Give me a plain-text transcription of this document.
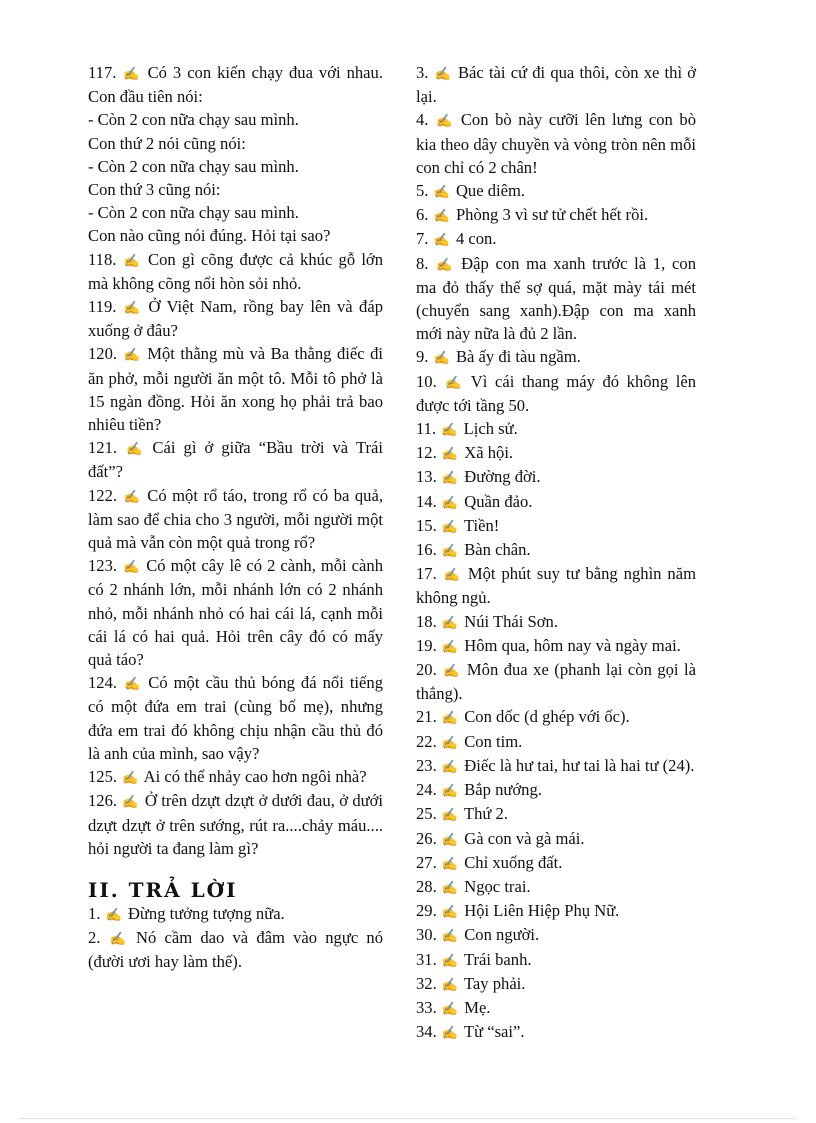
117. ✍ Có 3 con kiến chạy đua với nhau. Con đầu tiên nói:

- Còn 2 con nữa chạy sau mình.

Con thứ 2 nói cũng nói:

- Còn 2 con nữa chạy sau mình.

Con thứ 3 cũng nói:

- Còn 2 con nữa chạy sau mình.

Con nào cũng nói đúng. Hỏi tại sao?

118. ✍ Con gì cõng được cả khúc gỗ lớn mà không cõng nổi hòn sỏi nhỏ.

119. ✍ Ở Việt Nam, rồng bay lên và đáp xuống ở đâu?

120. ✍ Một thằng mù và Ba thằng điếc đi ăn phở, mỗi người ăn một tô. Mỗi tô phở là 15 ngàn đồng. Hỏi ăn xong họ phải trả bao nhiêu tiền?

121. ✍ Cái gì ở giữa “Bầu trời và Trái đất”?

122. ✍ Có một rổ táo, trong rổ có ba quả, làm sao để chia cho 3 người, mỗi người một quả mà vẫn còn một quả trong rổ?

123. ✍ Có một cây lê có 2 cành, mỗi cành có 2 nhánh lớn, mỗi nhánh lớn có 2 nhánh nhỏ, mỗi nhánh nhỏ có hai cái lá, cạnh mỗi cái lá có hai quả. Hỏi trên cây đó có mấy quả táo?

124. ✍ Có một cầu thủ bóng đá nổi tiếng có một đứa em trai (cùng bố mẹ), nhưng đứa em trai đó không chịu nhận cầu thủ đó là anh của mình, sao vậy?

125. ✍ Ai có thể nhảy cao hơn ngôi nhà?

126. ✍ Ở trên dzựt dzựt ở dưới đau, ở dưới dzựt dzựt ở trên sướng, rút ra....chảy máu.... hỏi người ta đang làm gì?

II. TRẢ LỜI

1. ✍ Đừng tưởng tượng nữa.

2. ✍ Nó cầm dao và đâm vào ngực nó (đười ươi hay làm thế).

3. ✍ Bác tài cứ đi qua thôi, còn xe thì ở lại.

4. ✍ Con bò này cưỡi lên lưng con bò kia theo dây chuyền và vòng tròn nên mỗi con chỉ có 2 chân!

5. ✍ Que diêm.

6. ✍ Phòng 3 vì sư tử chết hết rồi.

7. ✍ 4 con.

8. ✍ Đập con ma xanh trước là 1, con ma đỏ thấy thế sợ quá, mặt mày tái mét (chuyển sang xanh).Đập con ma xanh mới này nữa là đủ 2 lần.

9. ✍ Bà ấy đi tàu ngầm.

10. ✍ Vì cái thang máy đó không lên được tới tầng 50.

11. ✍ Lịch sử.

12. ✍ Xã hội.

13. ✍ Đường đời.

14. ✍ Quần đảo.

15. ✍ Tiền!

16. ✍ Bàn chân.

17. ✍ Một phút suy tư bằng nghìn năm không ngủ.

18. ✍ Núi Thái Sơn.

19. ✍ Hôm qua, hôm nay và ngày mai.

20. ✍ Môn đua xe (phanh lại còn gọi là thắng).

21. ✍ Con dốc (d ghép với ốc).

22. ✍ Con tim.

23. ✍ Điếc là hư tai, hư tai là hai tư (24).

24. ✍ Bắp nướng.

25. ✍ Thứ 2.

26. ✍ Gà con và gà mái.

27. ✍ Chỉ xuống đất.

28. ✍ Ngọc trai.

29. ✍ Hội Liên Hiệp Phụ Nữ.

30. ✍ Con người.

31. ✍ Trái banh.

32. ✍ Tay phải.

33. ✍ Mẹ.

34. ✍ Từ “sai”.
